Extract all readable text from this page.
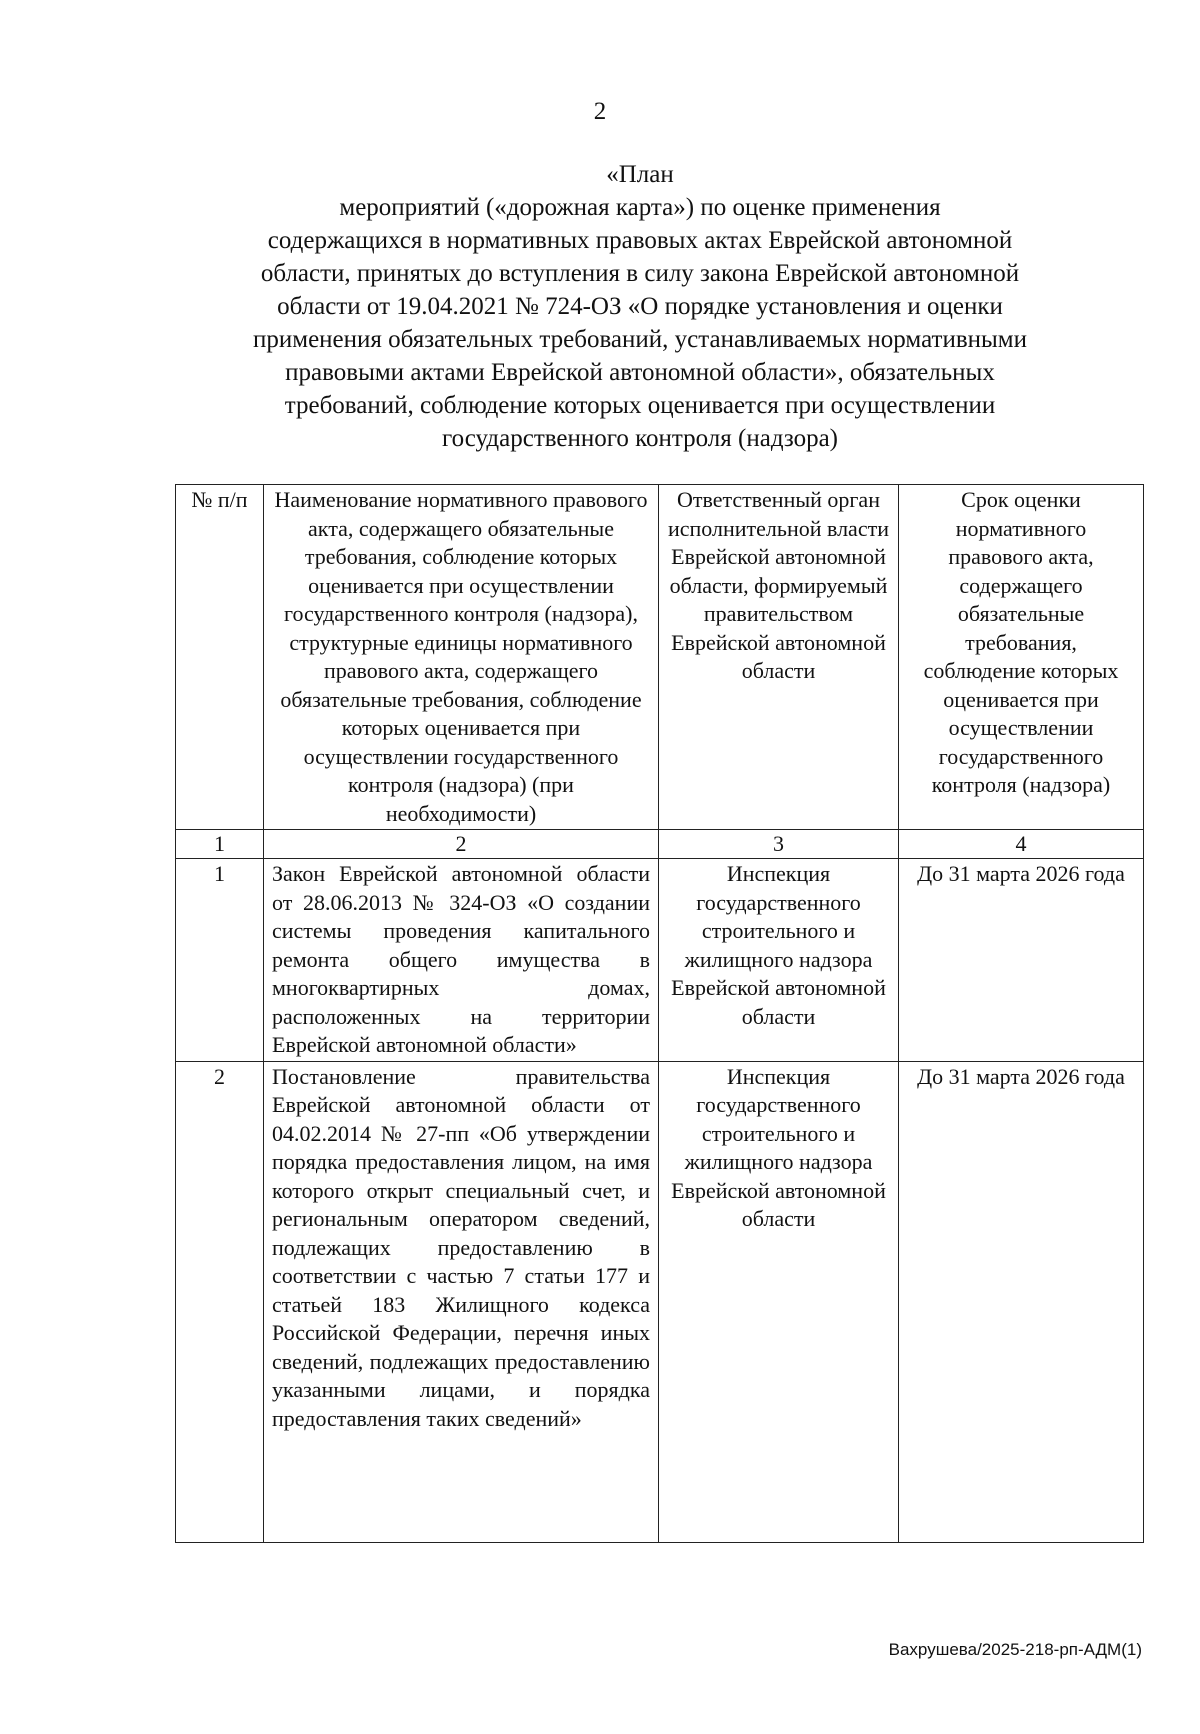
2
«План
мероприятий («дорожная карта») по оценке применения
содержащихся в нормативных правовых актах Еврейской автономной
области, принятых до вступления в силу закона Еврейской автономной
области от 19.04.2021 № 724-ОЗ «О порядке установления и оценки
применения обязательных требований, устанавливаемых нормативными
правовыми актами Еврейской автономной области», обязательных
требований, соблюдение которых оценивается при осуществлении
государственного контроля (надзора)
№ п/п	Наименование нормативного правового акта, содержащего обязательные требования, соблюдение которых оценивается при осуществлении государственного контроля (надзора), структурные единицы нормативного правового акта, содержащего обязательные требования, соблюдение которых оценивается при осуществлении государственного контроля (надзора) (при необходимости)	Ответственный орган исполнительной власти Еврейской автономной области, формируемый правительством Еврейской автономной области	Срок оценки нормативного правового акта, содержащего обязательные требования, соблюдение которых оценивается при осуществлении государственного контроля (надзора)
1	2	3	4
1	Закон Еврейской автономной области от 28.06.2013 № 324-ОЗ «О создании системы проведения капитального ремонта общего имущества в многоквартирных домах, расположенных на территории Еврейской автономной области»	Инспекция государственного строительного и жилищного надзора Еврейской автономной области	До 31 марта 2026 года
2	Постановление правительства Еврейской автономной области от 04.02.2014 № 27-пп «Об утверждении порядка предоставления лицом, на имя которого открыт специальный счет, и региональным оператором сведений, подлежащих предоставлению в соответствии с частью 7 статьи 177 и статьей 183 Жилищного кодекса Российской Федерации, перечня иных сведений, подлежащих предоставлению указанными лицами, и порядка предоставления таких сведений»	Инспекция государственного строительного и жилищного надзора Еврейской автономной области	До 31 марта 2026 года
Вахрушева/2025-218-рп-АДМ(1)
